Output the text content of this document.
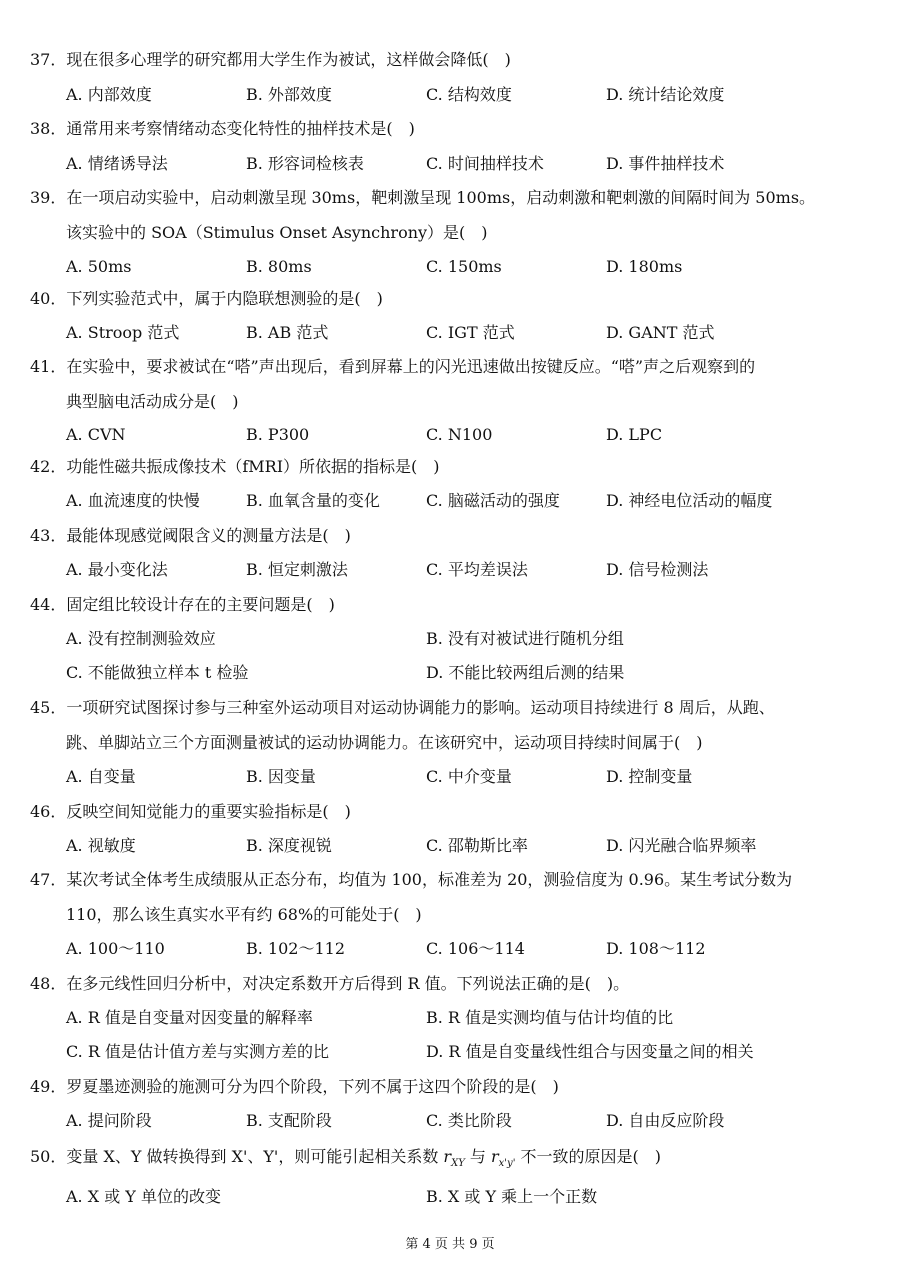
37．现在很多心理学的研究都用大学生作为被试，这样做会降低(　)
A. 内部效度	B. 外部效度	C. 结构效度	D. 统计结论效度
38．通常用来考察情绪动态变化特性的抽样技术是(　)
A. 情绪诱导法	B. 形容词检核表	C. 时间抽样技术	D. 事件抽样技术
39．在一项启动实验中，启动刺激呈现 30ms，靶刺激呈现 100ms，启动刺激和靶刺激的间隔时间为 50ms。
该实验中的 SOA（Stimulus Onset Asynchrony）是(　)
A. 50ms	B. 80ms	C. 150ms	D. 180ms
40．下列实验范式中，属于内隐联想测验的是(　)
A. Stroop 范式	B. AB 范式	C. IGT 范式	D. GANT 范式
41．在实验中，要求被试在“嗒”声出现后，看到屏幕上的闪光迅速做出按键反应。“嗒”声之后观察到的
典型脑电活动成分是(　)
A. CVN	B. P300	C. N100	D. LPC
42．功能性磁共振成像技术（fMRI）所依据的指标是(　)
A. 血流速度的快慢	B. 血氧含量的变化	C. 脑磁活动的强度	D. 神经电位活动的幅度
43．最能体现感觉阈限含义的测量方法是(　)
A. 最小变化法	B. 恒定刺激法	C. 平均差误法	D. 信号检测法
44．固定组比较设计存在的主要问题是(　)
A. 没有控制测验效应	B. 没有对被试进行随机分组
C. 不能做独立样本 t 检验	D. 不能比较两组后测的结果
45．一项研究试图探讨参与三种室外运动项目对运动协调能力的影响。运动项目持续进行 8 周后，从跑、
跳、单脚站立三个方面测量被试的运动协调能力。在该研究中，运动项目持续时间属于(　)
A. 自变量	B. 因变量	C. 中介变量	D. 控制变量
46．反映空间知觉能力的重要实验指标是(　)
A. 视敏度	B. 深度视锐	C. 邵勒斯比率	D. 闪光融合临界频率
47．某次考试全体考生成绩服从正态分布，均值为 100，标准差为 20，测验信度为 0.96。某生考试分数为
110，那么该生真实水平有约 68%的可能处于(　)
A. 100～110	B. 102～112	C. 106～114	D. 108～112
48．在多元线性回归分析中，对决定系数开方后得到 R 值。下列说法正确的是(　)。
A. R 值是自变量对因变量的解释率	B. R 值是实测均值与估计均值的比
C. R 值是估计值方差与实测方差的比	D. R 值是自变量线性组合与因变量之间的相关
49．罗夏墨迹测验的施测可分为四个阶段，下列不属于这四个阶段的是(　)
A. 提问阶段	B. 支配阶段	C. 类比阶段	D. 自由反应阶段
50．变量 X、Y 做转换得到 X'、Y'，则可能引起相关系数 $r_{XY}$ 与 $r_{x'y'}$ 不一致的原因是(　)
A. X 或 Y 单位的改变	B. X 或 Y 乘上一个正数
第 4 页 共 9 页
